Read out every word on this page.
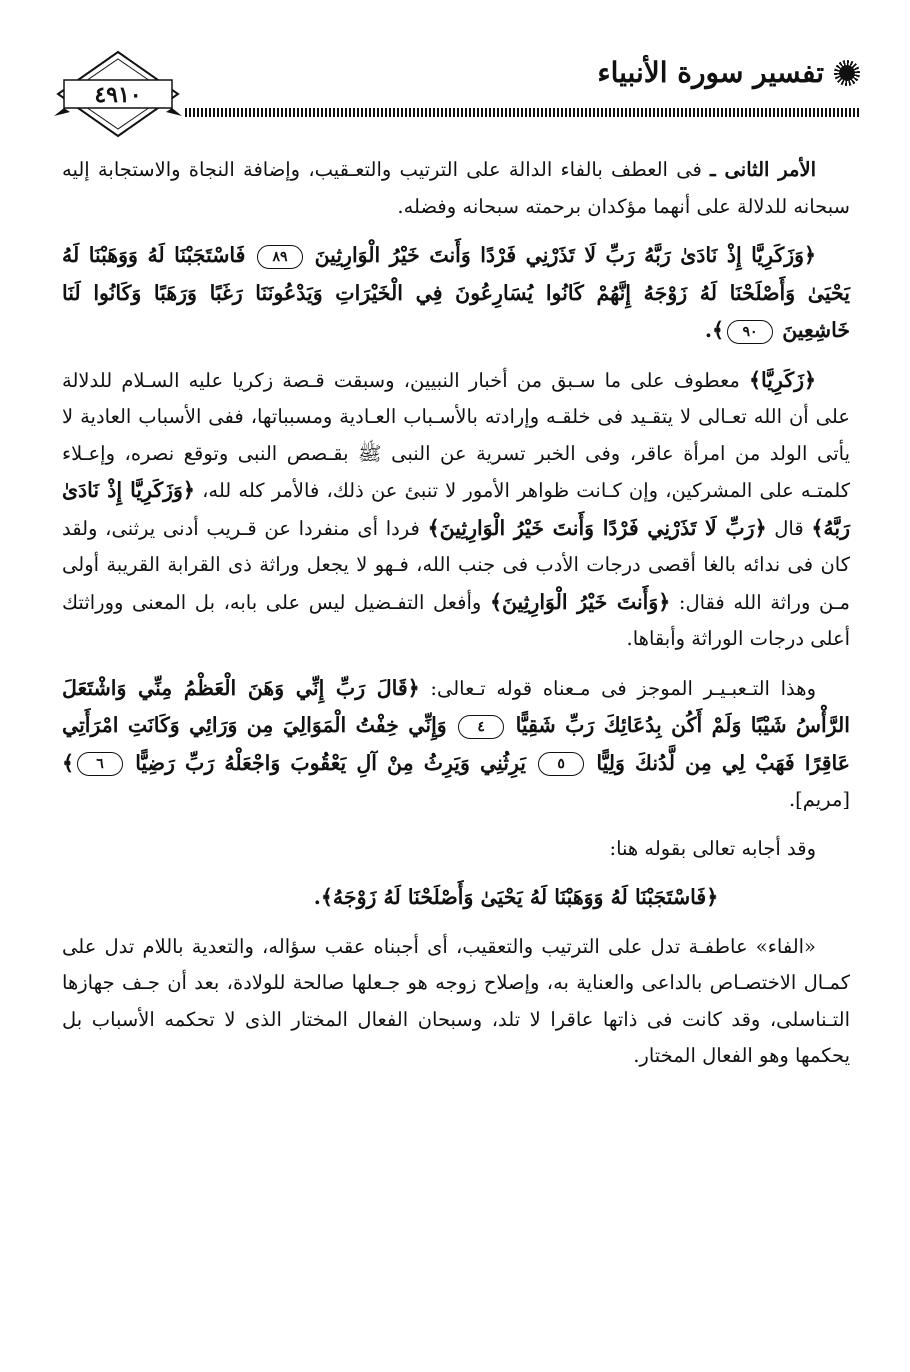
٤٩١٠
تفسير سورة الأنبياء

الأمر الثانى ـ فى العطف بالفاء الدالة على الترتيب والتعـقيب، وإضافة النجاة والاستجابة إليه سبحانه للدلالة على أنهما مؤكدان برحمته سبحانه وفضله.

﴿وَزَكَرِيَّا إِذْ نَادَىٰ رَبَّهُ رَبِّ لَا تَذَرْنِي فَرْدًا وَأَنتَ خَيْرُ الْوَارِثِينَ ٨٩ فَاسْتَجَبْنَا لَهُ وَوَهَبْنَا لَهُ يَحْيَىٰ وَأَصْلَحْنَا لَهُ زَوْجَهُ إِنَّهُمْ كَانُوا يُسَارِعُونَ فِي الْخَيْرَاتِ وَيَدْعُونَنَا رَغَبًا وَرَهَبًا وَكَانُوا لَنَا خَاشِعِينَ ٩٠﴾.

﴿زَكَرِيَّا﴾ معطوف على ما سـبق من أخبار النبيين، وسبقت قـصة زكريا عليه السـلام للدلالة على أن الله تعـالى لا يتقـيد فى خلقـه وإرادته بالأسـباب العـادية ومسبباتها، ففى الأسباب العادية لا يأتى الولد من امرأة عاقر، وفى الخبر تسرية عن النبى ﷺ بقـصص النبى وتوقع نصره، وإعـلاء كلمتـه على المشركين، وإن كـانت ظواهر الأمور لا تنبئ عن ذلك، فالأمر كله لله، ﴿وَزَكَرِيَّا إِذْ نَادَىٰ رَبَّهُ﴾ قال ﴿رَبِّ لَا تَذَرْنِي فَرْدًا وَأَنتَ خَيْرُ الْوَارِثِينَ﴾ فردا أى منفردا عن قـريب أدنى يرثنى، ولقد كان فى ندائه بالغا أقصى درجات الأدب فى جنب الله، فـهو لا يجعل وراثة ذى القرابة القريبة أولى مـن وراثة الله فقال: ﴿وَأَنتَ خَيْرُ الْوَارِثِينَ﴾ وأفعل التفـضيل ليس على بابه، بل المعنى ووراثتك أعلى درجات الوراثة وأبقاها.

وهذا التـعبـيـر الموجز فى مـعناه قوله تـعالى: ﴿قَالَ رَبِّ إِنِّي وَهَنَ الْعَظْمُ مِنِّي وَاشْتَعَلَ الرَّأْسُ شَيْبًا وَلَمْ أَكُن بِدُعَائِكَ رَبِّ شَقِيًّا ٤ وَإِنِّي خِفْتُ الْمَوَالِيَ مِن وَرَائِي وَكَانَتِ امْرَأَتِي عَاقِرًا فَهَبْ لِي مِن لَّدُنكَ وَلِيًّا ٥ يَرِثُنِي وَيَرِثُ مِنْ آلِ يَعْقُوبَ وَاجْعَلْهُ رَبِّ رَضِيًّا ٦﴾ [مريم].

وقد أجابه تعالى بقوله هنا:

﴿فَاسْتَجَبْنَا لَهُ وَوَهَبْنَا لَهُ يَحْيَىٰ وَأَصْلَحْنَا لَهُ زَوْجَهُ﴾.

«الفاء» عاطفـة تدل على الترتيب والتعقيب، أى أجبناه عقب سؤاله، والتعدية باللام تدل على كمـال الاختصـاص بالداعى والعناية به، وإصلاح زوجه هو جـعلها صالحة للولادة، بعد أن جـف جهازها التـناسلى، وقد كانت فى ذاتها عاقرا لا تلد، وسبحان الفعال المختار الذى لا تحكمه الأسباب بل يحكمها وهو الفعال المختار.
